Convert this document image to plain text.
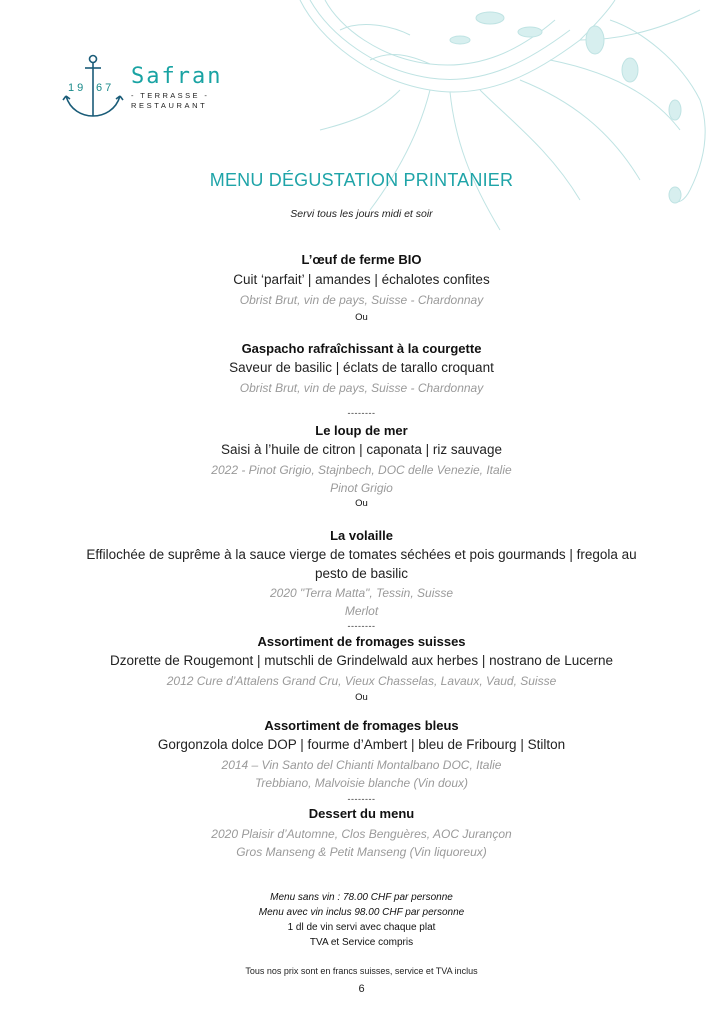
19 67 Safran
- TERRASSE -
RESTAURANT
MENU DÉGUSTATION PRINTANIER
Servi tous les jours midi et soir
L’œuf de ferme BIO
Cuit ‘parfait’ | amandes | échalotes confites
Obrist Brut, vin de pays, Suisse - Chardonnay
Ou
Gaspacho rafraîchissant à la courgette
Saveur de basilic | éclats de tarallo croquant
Obrist Brut, vin de pays, Suisse - Chardonnay
--------
Le loup de mer
Saisi à l’huile de citron | caponata | riz sauvage
2022 - Pinot Grigio, Stajnbech, DOC delle Venezie, Italie
Pinot Grigio
Ou
La volaille
Effilochée de suprême à la sauce vierge de tomates séchées et pois gourmands | fregola au
pesto de basilic
2020 "Terra Matta", Tessin, Suisse
Merlot
--------
Assortiment de fromages suisses
Dzorette de Rougemont | mutschli de Grindelwald aux herbes | nostrano de Lucerne
2012 Cure d’Attalens Grand Cru, Vieux Chasselas, Lavaux, Vaud, Suisse
Ou
Assortiment de fromages bleus
Gorgonzola dolce DOP | fourme d’Ambert | bleu de Fribourg | Stilton
2014 – Vin Santo del Chianti Montalbano DOC, Italie
Trebbiano, Malvoisie blanche (Vin doux)
--------
Dessert du menu
2020 Plaisir d’Automne, Clos Benguères, AOC Jurançon
Gros Manseng & Petit Manseng (Vin liquoreux)
Menu sans vin : 78.00 CHF par personne
Menu avec vin inclus 98.00 CHF par personne
1 dl de vin servi avec chaque plat
TVA et Service compris
Tous nos prix sont en francs suisses, service et TVA inclus
6
